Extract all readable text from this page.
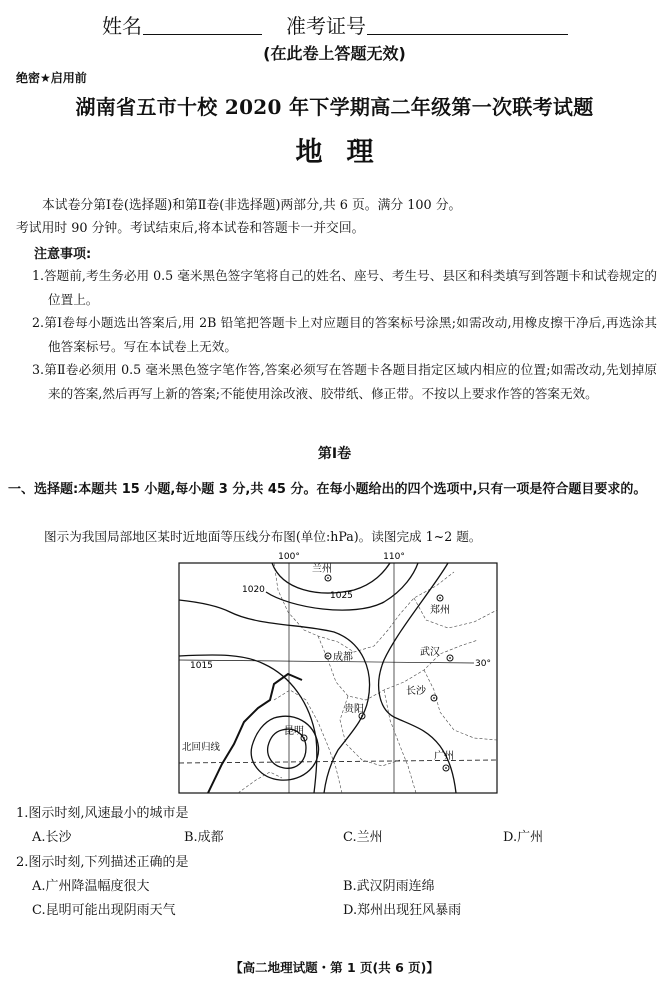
姓名	准考证号
(在此卷上答题无效)
绝密★启用前
湖南省五市十校 2020 年下学期高二年级第一次联考试题
地理
本试卷分第Ⅰ卷(选择题)和第Ⅱ卷(非选择题)两部分,共 6 页。满分 100 分。
考试用时 90 分钟。考试结束后,将本试卷和答题卡一并交回。
注意事项:
1.答题前,考生务必用 0.5 毫米黑色签字笔将自己的姓名、座号、考生号、县区和科类填写到答题卡和试卷规定的位置上。
2.第Ⅰ卷每小题选出答案后,用 2B 铅笔把答题卡上对应题目的答案标号涂黑;如需改动,用橡皮擦干净后,再选涂其他答案标号。写在本试卷上无效。
3.第Ⅱ卷必须用 0.5 毫米黑色签字笔作答,答案必须写在答题卡各题目指定区域内相应的位置;如需改动,先划掉原来的答案,然后再写上新的答案;不能使用涂改液、胶带纸、修正带。不按以上要求作答的答案无效。
第Ⅰ卷
一、选择题:本题共 15 小题,每小题 3 分,共 45 分。在每小题给出的四个选项中,只有一项是符合题目要求的。
图示为我国局部地区某时近地面等压线分布图(单位:hPa)。读图完成 1~2 题。
100°	110°
30°
北回归线
1020
1025
1015
兰州
郑州
成都	武汉
长沙
贵阳
昆明
广州
1.图示时刻,风速最小的城市是
A.长沙	B.成都	C.兰州	D.广州
2.图示时刻,下列描述正确的是
A.广州降温幅度很大	B.武汉阴雨连绵
C.昆明可能出现阴雨天气	D.郑州出现狂风暴雨
【高二地理试题・第 1 页(共 6 页)】
